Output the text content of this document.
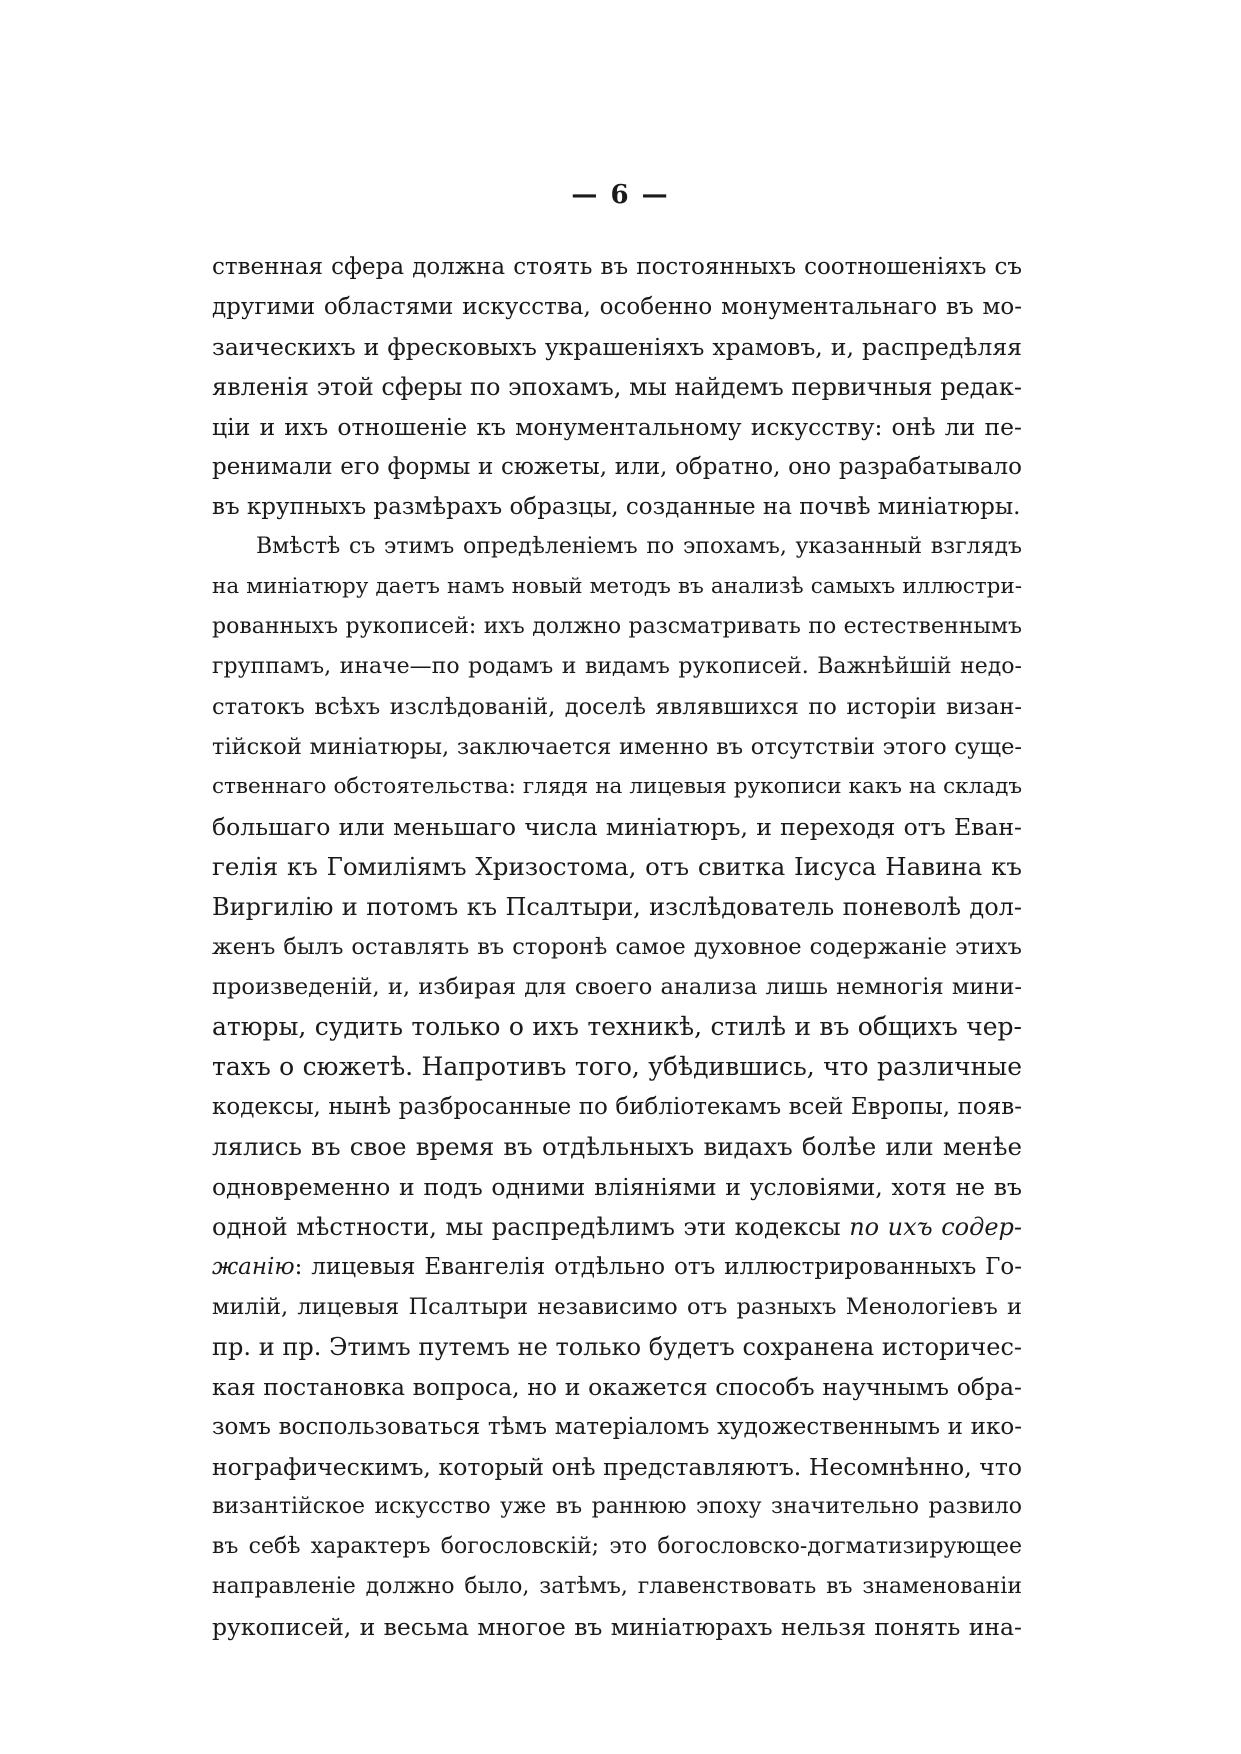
— 6 —
ственная сфера должна стоять въ постоянныхъ соотношеніяхъ съ
другими областями искусства, особенно монументальнаго въ мо-
заическихъ и фресковыхъ украшеніяхъ храмовъ, и, распредѣляя
явленія этой сферы по эпохамъ, мы найдемъ первичныя редак-
ціи и ихъ отношеніе къ монументальному искусству: онѣ ли пе-
ренимали его формы и сюжеты, или, обратно, оно разрабатывало
въ крупныхъ размѣрахъ образцы, созданные на почвѣ миніатюры.
Вмѣстѣ съ этимъ опредѣленіемъ по эпохамъ, указанный взглядъ
на миніатюру даетъ намъ новый методъ въ анализѣ самыхъ иллюстри-
рованныхъ рукописей: ихъ должно разсматривать по естественнымъ
группамъ, иначе—по родамъ и видамъ рукописей. Важнѣйшій недо-
статокъ всѣхъ изслѣдованій, доселѣ являвшихся по исторіи визан-
тійской миніатюры, заключается именно въ отсутствіи этого суще-
ственнаго обстоятельства: глядя на лицевыя рукописи какъ на складъ
большаго или меньшаго числа миніатюръ, и переходя отъ Еван-
гелія къ Гомиліямъ Хризостома, отъ свитка Іисуса Навина къ
Виргилію и потомъ къ Псалтыри, изслѣдователь поневолѣ дол-
женъ былъ оставлять въ сторонѣ самое духовное содержаніе этихъ
произведеній, и, избирая для своего анализа лишь немногія мини-
атюры, судить только о ихъ техникѣ, стилѣ и въ общихъ чер-
тахъ о сюжетѣ. Напротивъ того, убѣдившись, что различные
кодексы, нынѣ разбросанные по библіотекамъ всей Европы, появ-
лялись въ свое время въ отдѣльныхъ видахъ болѣе или менѣе
одновременно и подъ одними вліяніями и условіями, хотя не въ
одной мѣстности, мы распредѣлимъ эти кодексы по ихъ содер-
жанію: лицевыя Евангелія отдѣльно отъ иллюстрированныхъ Го-
милій, лицевыя Псалтыри независимо отъ разныхъ Менологіевъ и
пр. и пр. Этимъ путемъ не только будетъ сохранена историчес-
кая постановка вопроса, но и окажется способъ научнымъ обра-
зомъ воспользоваться тѣмъ матеріаломъ художественнымъ и ико-
нографическимъ, который онѣ представляютъ. Несомнѣнно, что
византійское искусство уже въ раннюю эпоху значительно развило
въ себѣ характеръ богословскій; это богословско-догматизирующее
направленіе должно было, затѣмъ, главенствовать въ знаменованіи
рукописей, и весьма многое въ миніатюрахъ нельзя понять ина-
